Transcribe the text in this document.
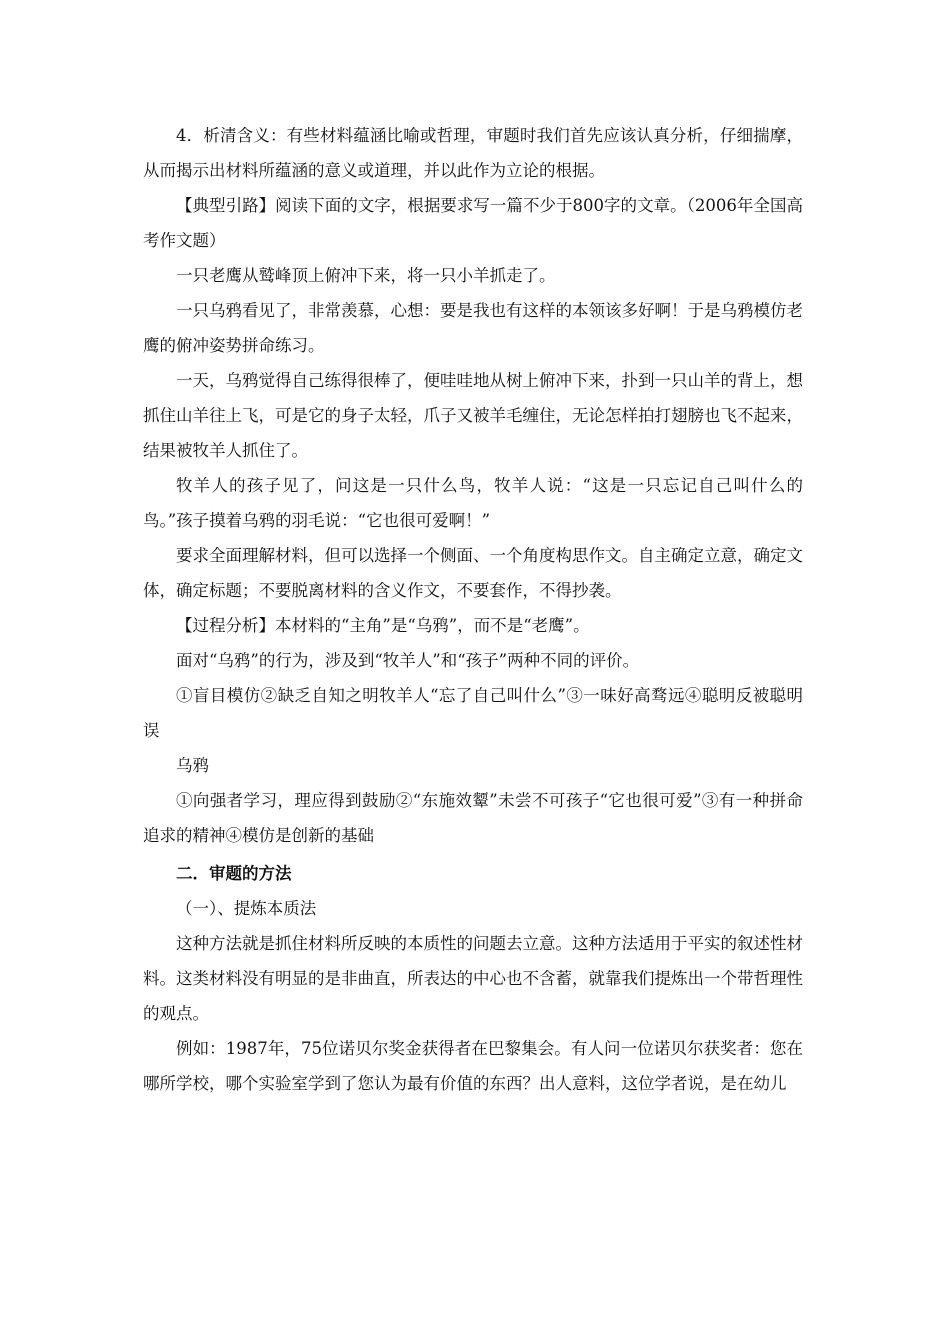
4．析清含义：有些材料蕴涵比喻或哲理，审题时我们首先应该认真分析，仔细揣摩，从而揭示出材料所蕴涵的意义或道理，并以此作为立论的根据。

【典型引路】阅读下面的文字，根据要求写一篇不少于800字的文章。（2006年全国高考作文题）

一只老鹰从鹫峰顶上俯冲下来，将一只小羊抓走了。

一只乌鸦看见了，非常羡慕，心想：要是我也有这样的本领该多好啊！于是乌鸦模仿老鹰的俯冲姿势拼命练习。

一天，乌鸦觉得自己练得很棒了，便哇哇地从树上俯冲下来，扑到一只山羊的背上，想抓住山羊往上飞，可是它的身子太轻，爪子又被羊毛缠住，无论怎样拍打翅膀也飞不起来，结果被牧羊人抓住了。

牧羊人的孩子见了，问这是一只什么鸟，牧羊人说：“这是一只忘记自己叫什么的鸟。”孩子摸着乌鸦的羽毛说：“它也很可爱啊！”

要求全面理解材料，但可以选择一个侧面、一个角度构思作文。自主确定立意，确定文体，确定标题；不要脱离材料的含义作文，不要套作，不得抄袭。

【过程分析】本材料的“主角”是“乌鸦”，而不是“老鹰”。

面对“乌鸦”的行为，涉及到“牧羊人”和“孩子”两种不同的评价。

①盲目模仿②缺乏自知之明牧羊人“忘了自己叫什么”③一味好高骛远④聪明反被聪明误

乌鸦

①向强者学习，理应得到鼓励②“东施效颦”未尝不可孩子“它也很可爱”③有一种拼命追求的精神④模仿是创新的基础

二．审题的方法

（一）、提炼本质法

这种方法就是抓住材料所反映的本质性的问题去立意。这种方法适用于平实的叙述性材料。这类材料没有明显的是非曲直，所表达的中心也不含蓄，就靠我们提炼出一个带哲理性的观点。

例如：1987年，75位诺贝尔奖金获得者在巴黎集会。有人问一位诺贝尔获奖者：您在哪所学校，哪个实验室学到了您认为最有价值的东西？出人意料，这位学者说，是在幼儿
